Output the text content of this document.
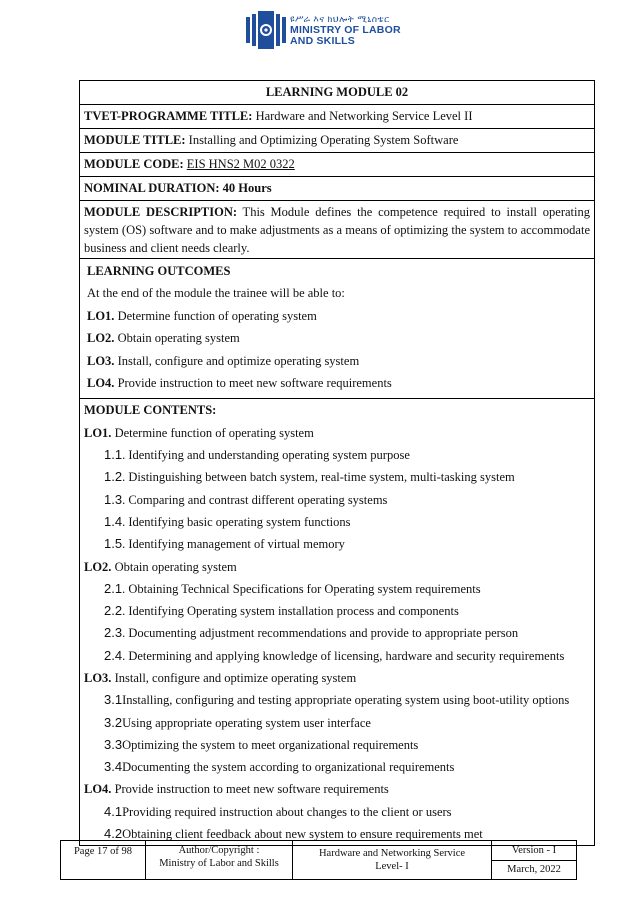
ዩሥራ እና ክህሎት ሚኒስቴር
MINISTRY OF LABOR
AND SKILLS
LEARNING MODULE 02
TVET-PROGRAMME TITLE: Hardware and Networking Service Level II
MODULE TITLE: Installing and Optimizing Operating System Software
MODULE CODE: EIS HNS2 M02 0322
NOMINAL DURATION: 40 Hours
MODULE DESCRIPTION: This Module defines the competence required to install operating system (OS) software and to make adjustments as a means of optimizing the system to accommodate business and client needs clearly.
LEARNING OUTCOMES
At the end of the module the trainee will be able to:
LO1. Determine function of operating system
LO2. Obtain operating system
LO3. Install, configure and optimize operating system
LO4. Provide instruction to meet new software requirements
MODULE CONTENTS:
LO1. Determine function of operating system
1.1. Identifying and understanding operating system purpose
1.2. Distinguishing between batch system, real-time system, multi-tasking system
1.3. Comparing and contrast different operating systems
1.4. Identifying basic operating system functions
1.5. Identifying management of virtual memory
LO2. Obtain operating system
2.1. Obtaining Technical Specifications for Operating system requirements
2.2. Identifying Operating system installation process and components
2.3. Documenting adjustment recommendations and provide to appropriate person
2.4. Determining and applying knowledge of licensing, hardware and security requirements
LO3. Install, configure and optimize operating system
3.1Installing, configuring and testing appropriate operating system using boot-utility options
3.2Using appropriate operating system user interface
3.3Optimizing the system to meet organizational requirements
3.4Documenting the system according to organizational requirements
LO4. Provide instruction to meet new software requirements
4.1Providing required instruction about changes to the client or users
4.2Obtaining client feedback about new system to ensure requirements met
Page 17 of 98	Author/Copyright :
Ministry of Labor and Skills
Hardware and Networking Service
Level- I
Version - I
March, 2022
